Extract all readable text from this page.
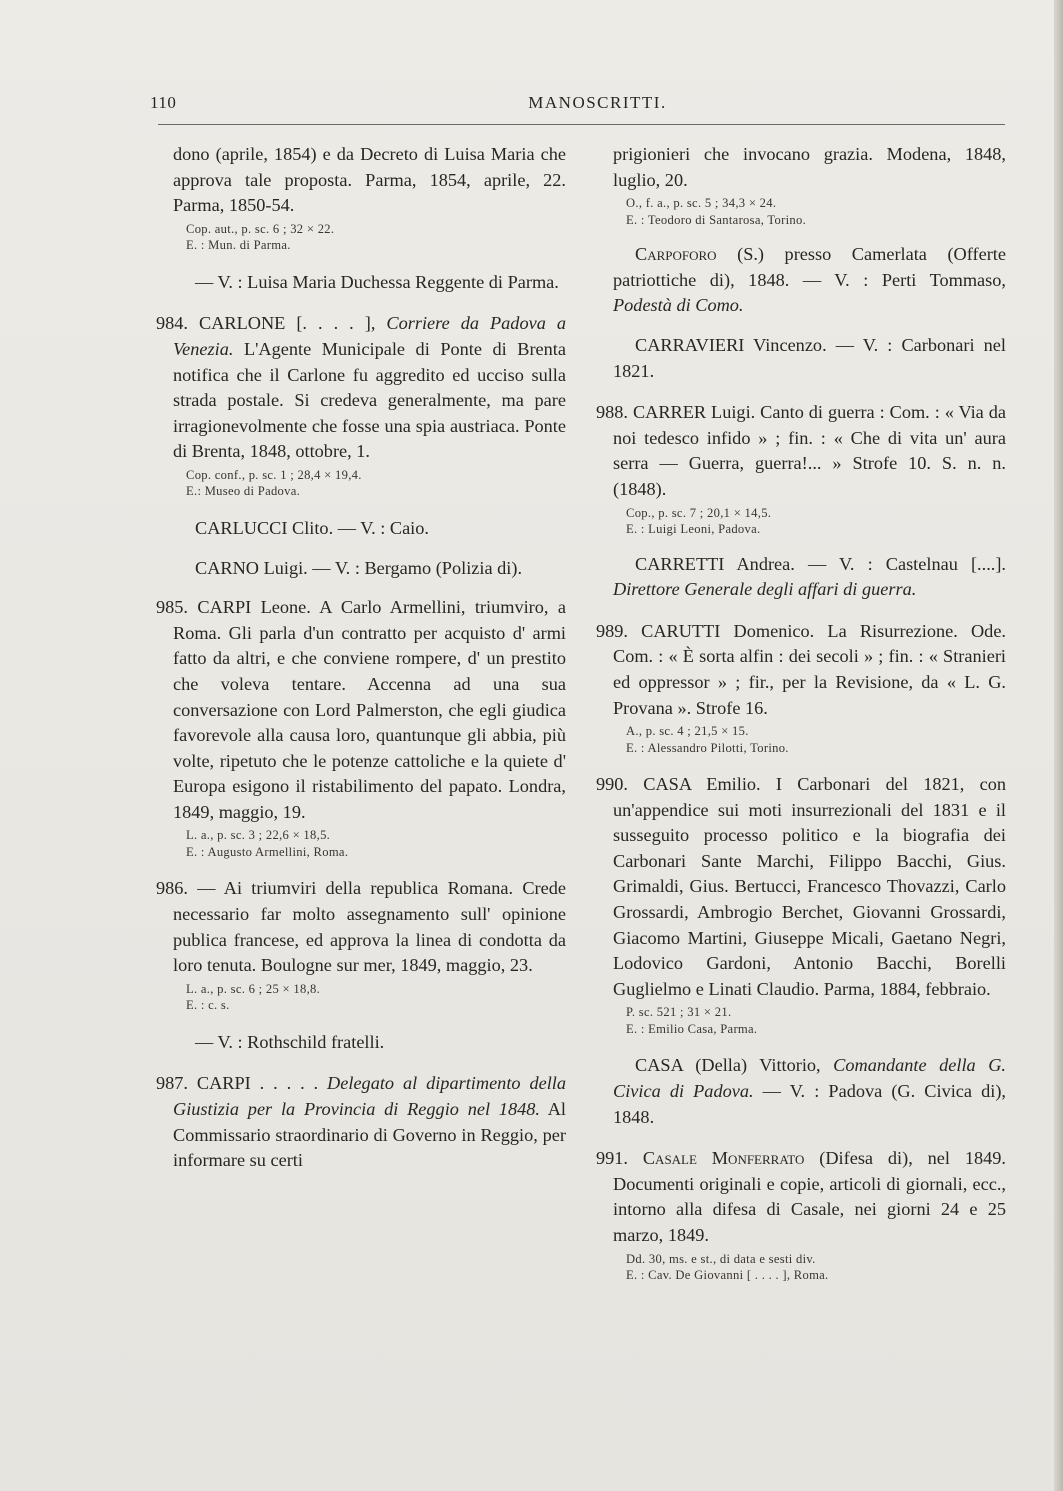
110	MANOSCRITTI.

dono (aprile, 1854) e da Decreto di Luisa Maria che approva tale proposta. Parma, 1854, aprile, 22. Parma, 1850-54.

Cop. aut., p. sc. 6 ; 32 × 22.
E. : Mun. di Parma.

— V. : Luisa Maria Duchessa Reggente di Parma.

984. CARLONE [. . . . ], Corriere da Padova a Venezia. L'Agente Municipale di Ponte di Brenta notifica che il Carlone fu aggredito ed ucciso sulla strada postale. Si credeva generalmente, ma pare irragionevolmente che fosse una spia austriaca. Ponte di Brenta, 1848, ottobre, 1.

Cop. conf., p. sc. 1 ; 28,4 × 19,4.
E.: Museo di Padova.

CARLUCCI Clito. — V. : Caio.

CARNO Luigi. — V. : Bergamo (Polizia di).

985. CARPI Leone. A Carlo Armellini, triumviro, a Roma. Gli parla d'un contratto per acquisto d' armi fatto da altri, e che conviene rompere, d' un prestito che voleva tentare. Accenna ad una sua conversazione con Lord Palmerston, che egli giudica favorevole alla causa loro, quantunque gli abbia, più volte, ripetuto che le potenze cattoliche e la quiete d' Europa esigono il ristabilimento del papato. Londra, 1849, maggio, 19.

L. a., p. sc. 3 ; 22,6 × 18,5.
E. : Augusto Armellini, Roma.

986. — Ai triumviri della republica Romana. Crede necessario far molto assegnamento sull' opinione publica francese, ed approva la linea di condotta da loro tenuta. Boulogne sur mer, 1849, maggio, 23.

L. a., p. sc. 6 ; 25 × 18,8.
E. : c. s.

— V. : Rothschild fratelli.

987. CARPI . . . . . Delegato al dipartimento della Giustizia per la Provincia di Reggio nel 1848. Al Commissario straordinario di Governo in Reggio, per informare su certi

prigionieri che invocano grazia. Modena, 1848, luglio, 20.

O., f. a., p. sc. 5 ; 34,3 × 24.
E. : Teodoro di Santarosa, Torino.

Carpoforo (S.) presso Camerlata (Offerte patriottiche di), 1848. — V. : Perti Tommaso, Podestà di Como.

CARRAVIERI Vincenzo. — V. : Carbonari nel 1821.

988. CARRER Luigi. Canto di guerra : Com. : « Via da noi tedesco infido » ; fin. : « Che di vita un' aura serra — Guerra, guerra!... » Strofe 10. S. n. n. (1848).

Cop., p. sc. 7 ; 20,1 × 14,5.
E. : Luigi Leoni, Padova.

CARRETTI Andrea. — V. : Castelnau [....]. Direttore Generale degli affari di guerra.

989. CARUTTI Domenico. La Risurrezione. Ode. Com. : « È sorta alfin : dei secoli » ; fin. : « Stranieri ed oppressor » ; fir., per la Revisione, da « L. G. Provana ». Strofe 16.

A., p. sc. 4 ; 21,5 × 15.
E. : Alessandro Pilotti, Torino.

990. CASA Emilio. I Carbonari del 1821, con un'appendice sui moti insurrezionali del 1831 e il susseguito processo politico e la biografia dei Carbonari Sante Marchi, Filippo Bacchi, Gius. Grimaldi, Gius. Bertucci, Francesco Thovazzi, Carlo Grossardi, Ambrogio Berchet, Giovanni Grossardi, Giacomo Martini, Giuseppe Micali, Gaetano Negri, Lodovico Gardoni, Antonio Bacchi, Borelli Guglielmo e Linati Claudio. Parma, 1884, febbraio.

P. sc. 521 ; 31 × 21.
E. : Emilio Casa, Parma.

CASA (Della) Vittorio, Comandante della G. Civica di Padova. — V. : Padova (G. Civica di), 1848.

991. Casale Monferrato (Difesa di), nel 1849. Documenti originali e copie, articoli di giornali, ecc., intorno alla difesa di Casale, nei giorni 24 e 25 marzo, 1849.

Dd. 30, ms. e st., di data e sesti div.
E. : Cav. De Giovanni [ . . . . ], Roma.
